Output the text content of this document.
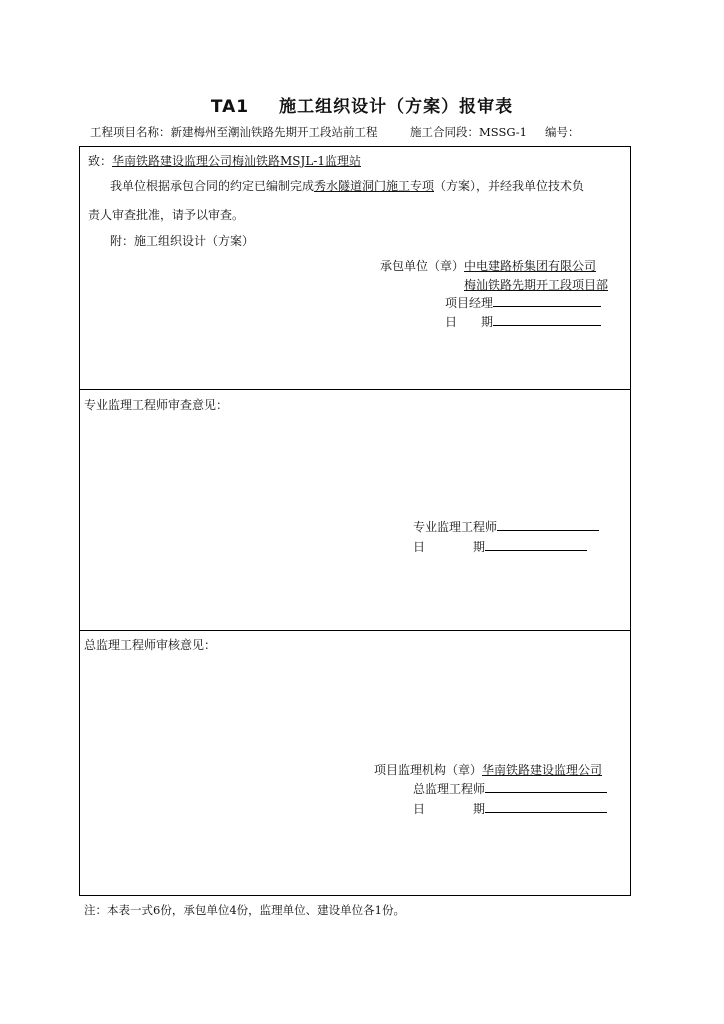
TA1 施工组织设计（方案）报审表
工程项目名称：新建梅州至潮汕铁路先期开工段站前工程	施工合同段：MSSG-1 编号：
致：华南铁路建设监理公司梅汕铁路MSJL-1监理站
我单位根据承包合同的约定已编制完成秀水隧道洞门施工专项（方案），并经我单位技术负
责人审查批准，请予以审查。
附：施工组织设计（方案）
承包单位（章）中电建路桥集团有限公司
梅汕铁路先期开工段项目部
项目经理
日　　期
专业监理工程师审查意见：
专业监理工程师
日　　　　期
总监理工程师审核意见：
项目监理机构（章）华南铁路建设监理公司
总监理工程师
日　　　　期
注：本表一式6份，承包单位4份，监理单位、建设单位各1份。
